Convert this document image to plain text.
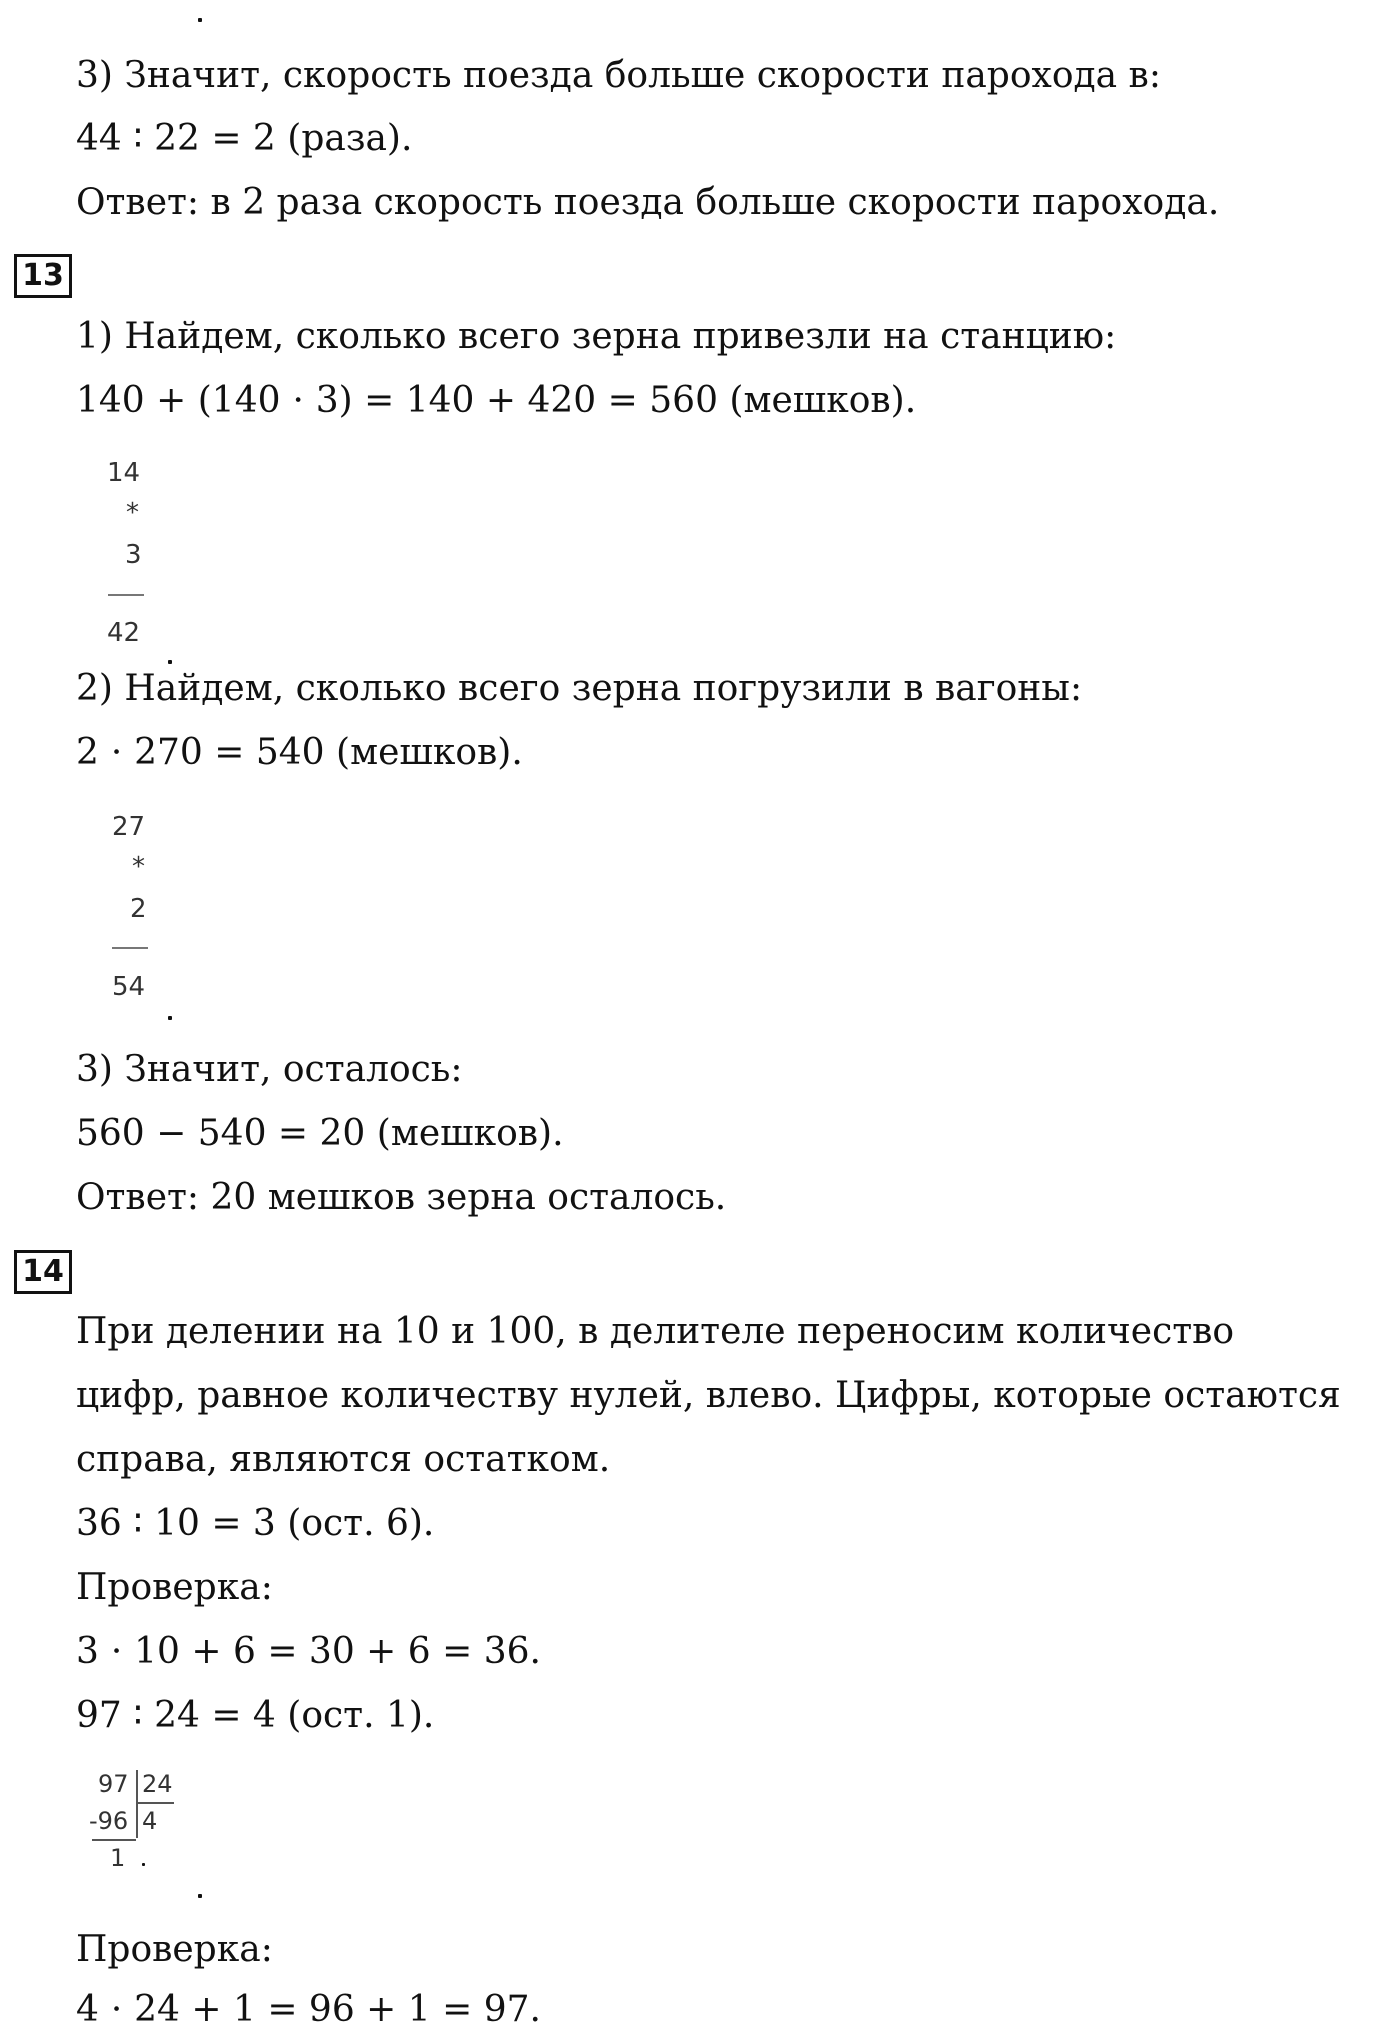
3) Значит, скорость поезда больше скорости парохода в:

44 ∶ 22 = 2 (раза).

Ответ: в 2 раза скорость поезда больше скорости парохода.

13

1) Найдем, сколько всего зерна привезли на станцию:

140 + (140 ⋅ 3) = 140 + 420 = 560 (мешков).

14
*
3
42

2) Найдем, сколько всего зерна погрузили в вагоны:

2 ⋅ 270 = 540 (мешков).

27
*
2
54

3) Значит, осталось:

560 − 540 = 20 (мешков).

Ответ: 20 мешков зерна осталось.

14

При делении на 10 и 100, в делителе переносим количество

цифр, равное количеству нулей, влево. Цифры, которые остаются

справа, являются остатком.

36 ∶ 10 = 3 (ост. 6).

Проверка:

3 ⋅ 10 + 6 = 30 + 6 = 36.

97 ∶ 24 = 4 (ост. 1).

97 24
-96 4
1

Проверка:

4 ⋅ 24 + 1 = 96 + 1 = 97.
